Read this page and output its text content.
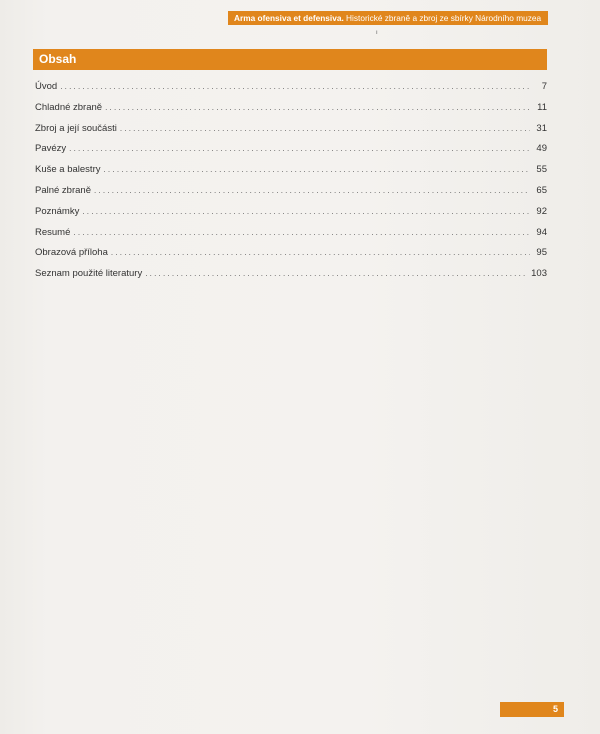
Arma ofensiva et defensiva. Historické zbraně a zbroj ze sbírky Národního muzea
ı
Obsah
Úvod . . .	7
Chladné zbraně . . .	11
Zbroj a její součásti . . .	31
Pavézy . . .	49
Kuše a balestry . . .	55
Palné zbraně . . .	65
Poznámky . . .	92
Resumé . . .	94
Obrazová příloha . . .	95
Seznam použité literatury . . .	103
5
